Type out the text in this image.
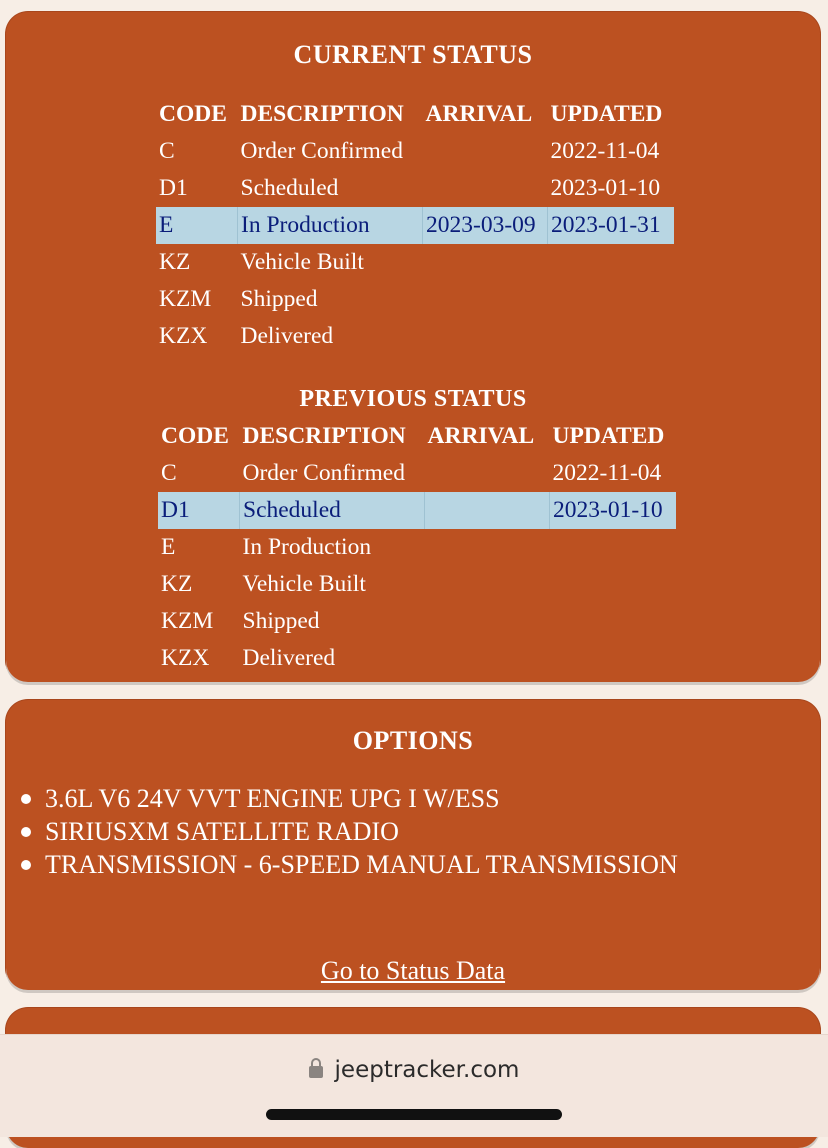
CURRENT STATUS
CODE	DESCRIPTION	ARRIVAL	UPDATED
C	Order Confirmed		2022-11-04
D1	Scheduled		2023-01-10
E	In Production	2023-03-09	2023-01-31
KZ	Vehicle Built		
KZM	Shipped		
KZX	Delivered		
PREVIOUS STATUS
CODE	DESCRIPTION	ARRIVAL	UPDATED
C	Order Confirmed		2022-11-04
D1	Scheduled		2023-01-10
E	In Production		
KZ	Vehicle Built		
KZM	Shipped		
KZX	Delivered		
OPTIONS
3.6L V6 24V VVT ENGINE UPG I W/ESS
SIRIUSXM SATELLITE RADIO
TRANSMISSION - 6-SPEED MANUAL TRANSMISSION
Go to Status Data
jeeptracker.com
